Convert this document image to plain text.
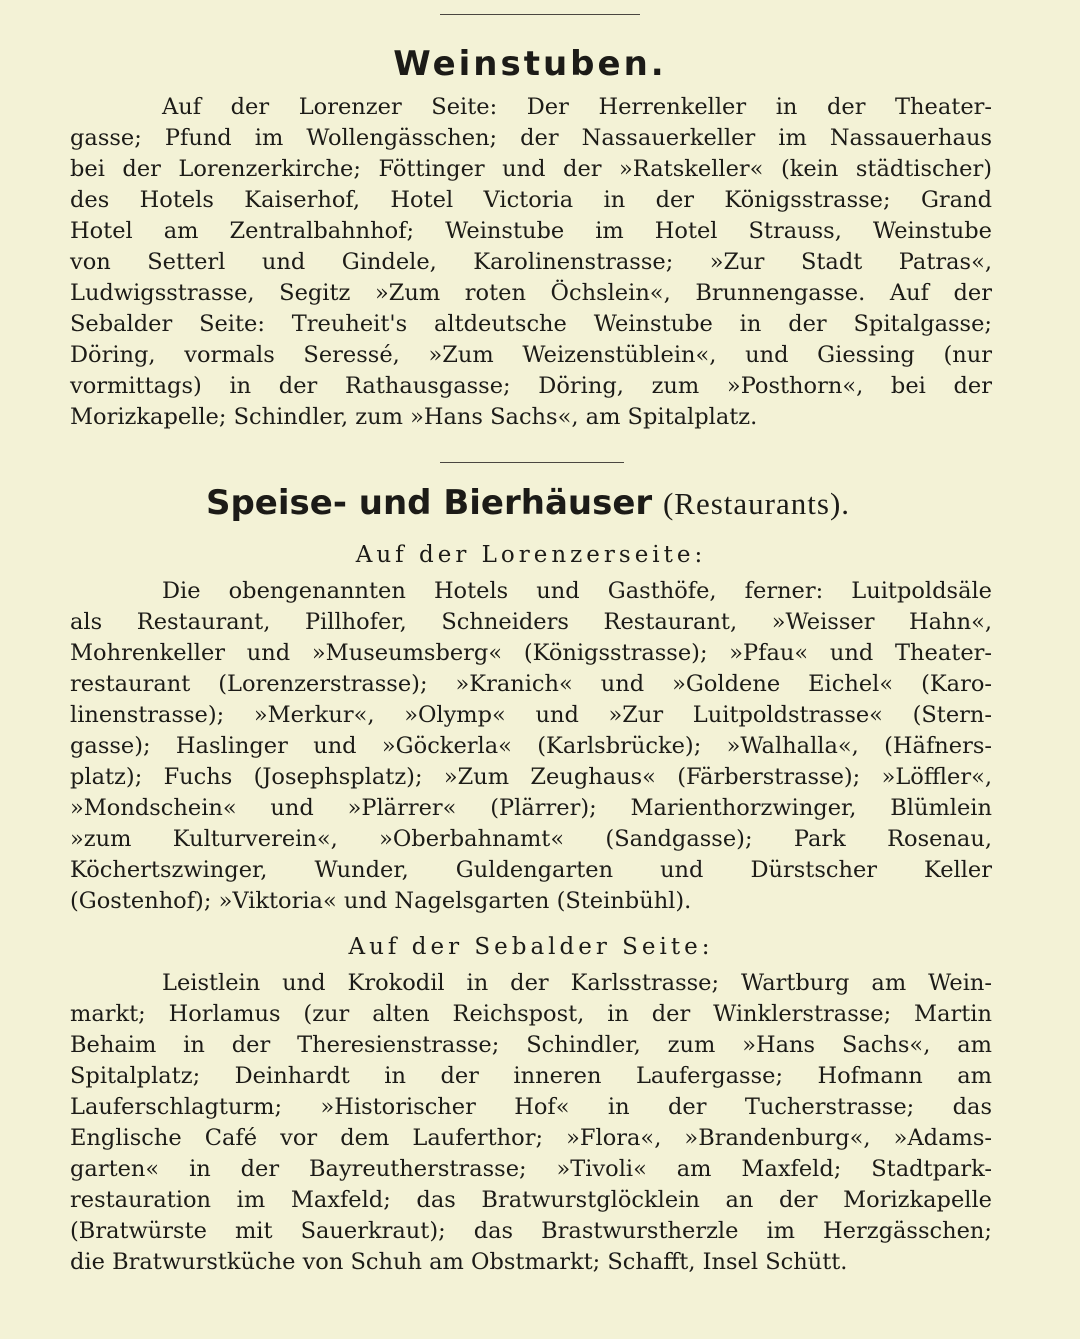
Weinstuben.
Auf der Lorenzer Seite: Der Herrenkeller in der Theater-
gasse; Pfund im Wollengässchen; der Nassauerkeller im Nassauerhaus
bei der Lorenzerkirche; Föttinger und der »Ratskeller« (kein städtischer)
des Hotels Kaiserhof, Hotel Victoria in der Königsstrasse; Grand
Hotel am Zentralbahnhof; Weinstube im Hotel Strauss, Weinstube
von Setterl und Gindele, Karolinenstrasse; »Zur Stadt Patras«,
Ludwigsstrasse, Segitz »Zum roten Öchslein«, Brunnengasse. Auf der
Sebalder Seite: Treuheit's altdeutsche Weinstube in der Spitalgasse;
Döring, vormals Seressé, »Zum Weizenstüblein«, und Giessing (nur
vormittags) in der Rathausgasse; Döring, zum »Posthorn«, bei der
Morizkapelle; Schindler, zum »Hans Sachs«, am Spitalplatz.
Speise- und Bierhäuser (Restaurants).
Auf der Lorenzerseite:
Die obengenannten Hotels und Gasthöfe, ferner: Luitpoldsäle
als Restaurant, Pillhofer, Schneiders Restaurant, »Weisser Hahn«,
Mohrenkeller und »Museumsberg« (Königsstrasse); »Pfau« und Theater-
restaurant (Lorenzerstrasse); »Kranich« und »Goldene Eichel« (Karo-
linenstrasse); »Merkur«, »Olymp« und »Zur Luitpoldstrasse« (Stern-
gasse); Haslinger und »Göckerla« (Karlsbrücke); »Walhalla«, (Häfners-
platz); Fuchs (Josephsplatz); »Zum Zeughaus« (Färberstrasse); »Löffler«,
»Mondschein« und »Plärrer« (Plärrer); Marienthorzwinger, Blümlein
»zum Kulturverein«, »Oberbahnamt« (Sandgasse); Park Rosenau,
Köchertszwinger, Wunder, Guldengarten und Dürstscher Keller
(Gostenhof); »Viktoria« und Nagelsgarten (Steinbühl).
Auf der Sebalder Seite:
Leistlein und Krokodil in der Karlsstrasse; Wartburg am Wein-
markt; Horlamus (zur alten Reichspost, in der Winklerstrasse; Martin
Behaim in der Theresienstrasse; Schindler, zum »Hans Sachs«, am
Spitalplatz; Deinhardt in der inneren Laufergasse; Hofmann am
Lauferschlagturm; »Historischer Hof« in der Tucherstrasse; das
Englische Café vor dem Lauferthor; »Flora«, »Brandenburg«, »Adams-
garten« in der Bayreutherstrasse; »Tivoli« am Maxfeld; Stadtpark-
restauration im Maxfeld; das Bratwurstglöcklein an der Morizkapelle
(Bratwürste mit Sauerkraut); das Brastwurstherzle im Herzgässchen;
die Bratwurstküche von Schuh am Obstmarkt; Schafft, Insel Schütt.
